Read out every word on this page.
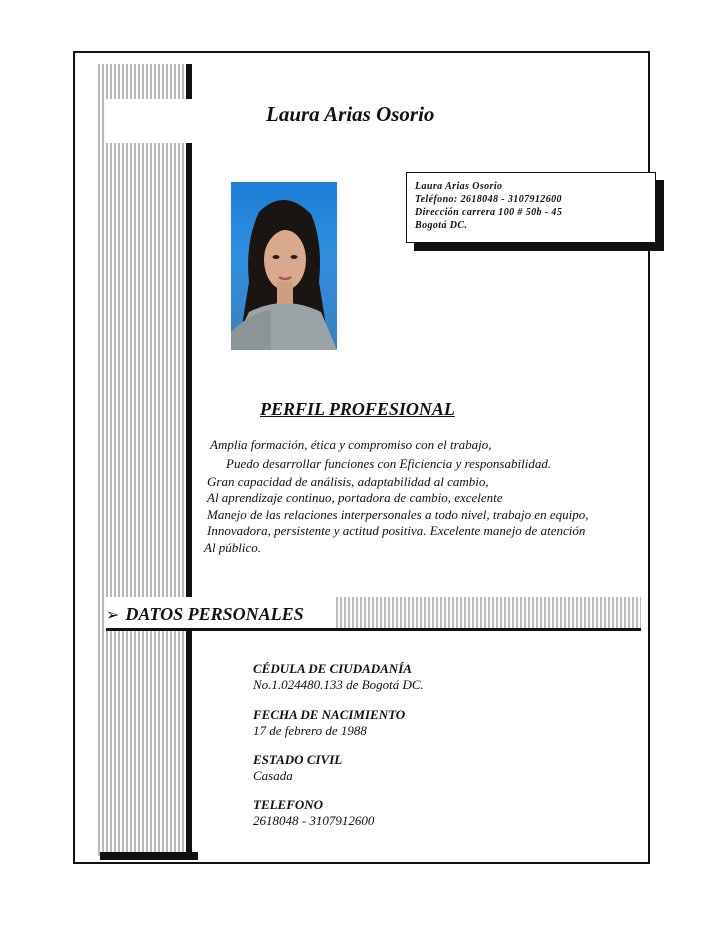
Laura Arias Osorio
Laura Arias Osorio
Teléfono: 2618048 - 3107912600
Dirección carrera 100 # 50b - 45
Bogotá DC.
PERFIL PROFESIONAL
Amplia formación, ética y compromiso con el trabajo,
Puedo desarrollar funciones con Eficiencia y responsabilidad.
Gran capacidad de análisis, adaptabilidad al cambio,
Al aprendizaje continuo, portadora de cambio, excelente
Manejo de las relaciones interpersonales a todo nivel, trabajo en equipo,
Innovadora, persistente y actitud positiva. Excelente manejo de atención
Al público.
➢ DATOS PERSONALES
CÉDULA DE CIUDADANÍA
No.1.024480.133 de Bogotá DC.
FECHA DE NACIMIENTO
17 de febrero de 1988
ESTADO CIVIL
Casada
TELEFONO
2618048 - 3107912600
